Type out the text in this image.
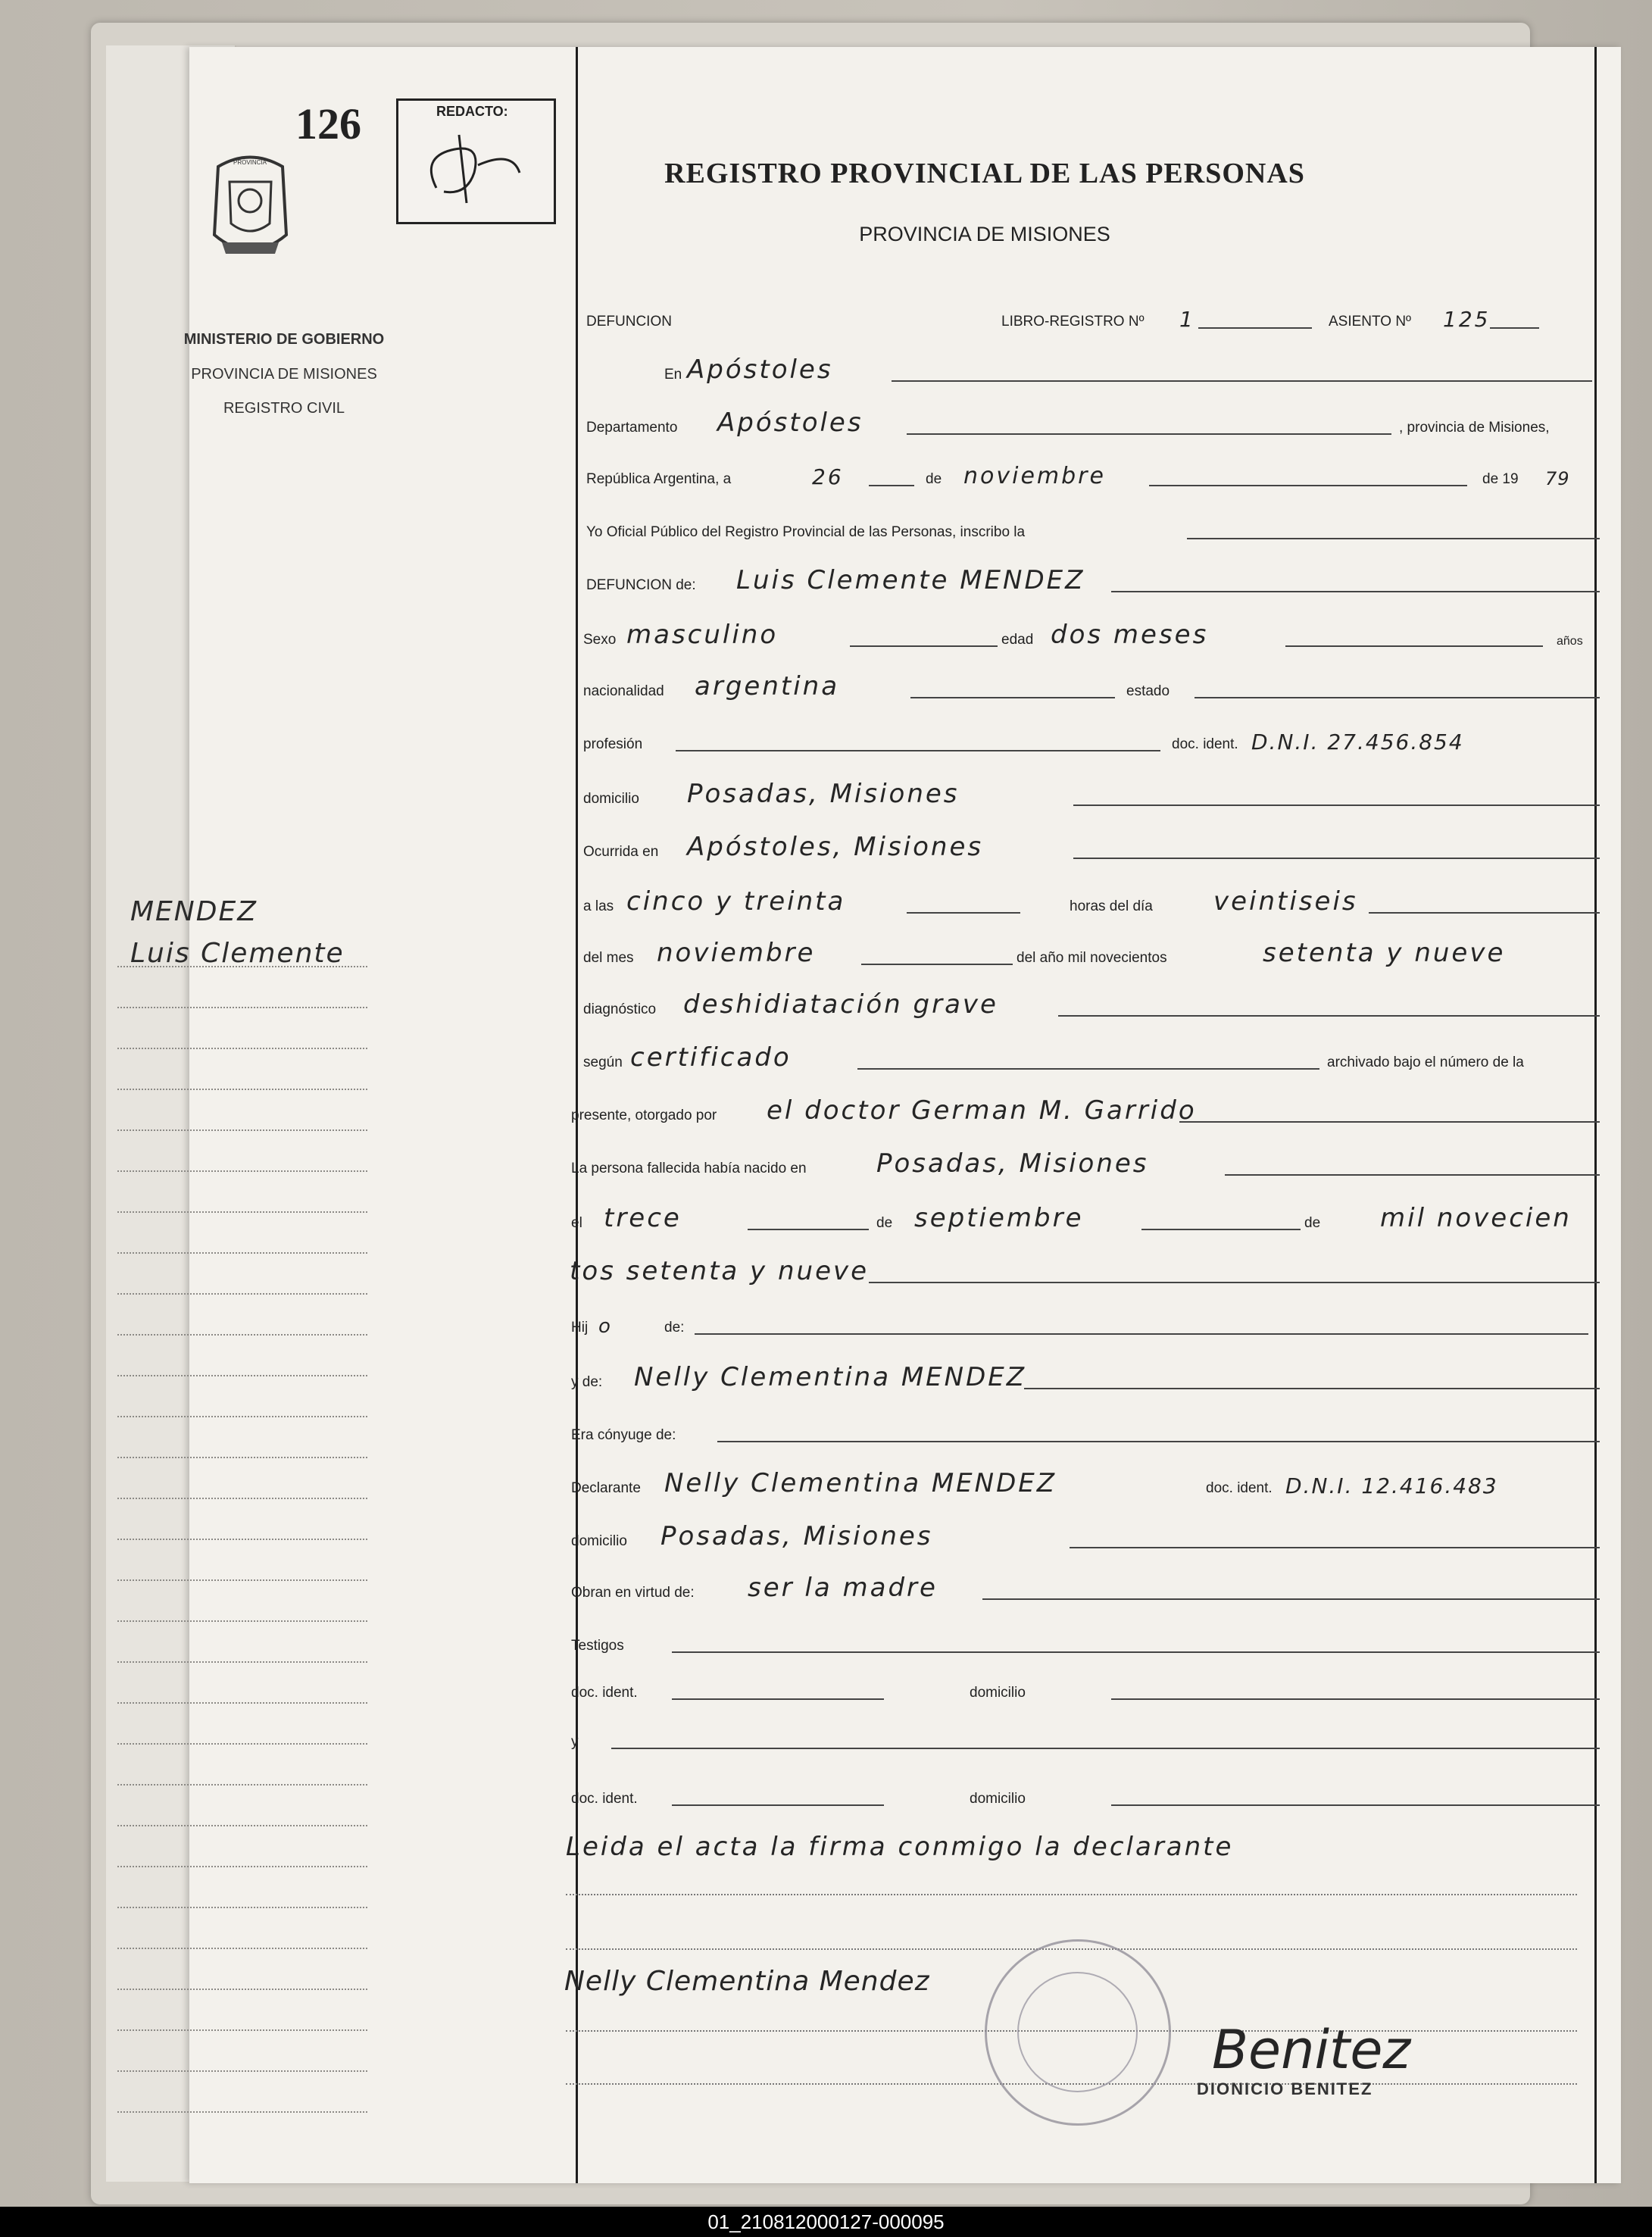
126
PROVINCIA
MINISTERIO DE GOBIERNO
PROVINCIA DE MISIONES
REGISTRO CIVIL
MENDEZ
Luis Clemente
REDACTO:
REGISTRO PROVINCIAL DE LAS PERSONAS
PROVINCIA DE MISIONES
DEFUNCION	LIBRO-REGISTRO Nº 1	ASIENTO Nº 125
En Apóstoles
Departamento Apóstoles	, provincia de Misiones,
República Argentina, a	26	de noviembre	de 19 79
Yo Oficial Público del Registro Provincial de las Personas, inscribo la
DEFUNCION de: Luis Clemente MENDEZ
Sexo masculino	edad dos meses	años
nacionalidad argentina	estado
profesión	doc. ident. D.N.I. 27.456.854
domicilio Posadas, Misiones
Ocurrida en Apóstoles, Misiones
a las cinco y treinta	horas del día veintiseis
del mes noviembre	del año mil novecientos	setenta y nueve
diagnóstico deshidiatación grave
según certificado	archivado bajo el número de la
presente, otorgado por el doctor German M. Garrido
La persona fallecida había nacido en	Posadas, Misiones
el trece	de septiembre	de mil novecien
tos setenta y nueve
Hij o	de:
y de: Nelly Clementina MENDEZ
Era cónyuge de:
Declarante Nelly Clementina MENDEZ	doc. ident. D.N.I. 12.416.483
domicilio Posadas, Misiones
Obran en virtud de: ser la madre
Testigos
doc. ident.	domicilio
y
doc. ident.	domicilio
Leida el acta la firma conmigo la declarante
Nelly Clementina Mendez
Benitez
DIONICIO BENITEZ
01_210812000127-000095
